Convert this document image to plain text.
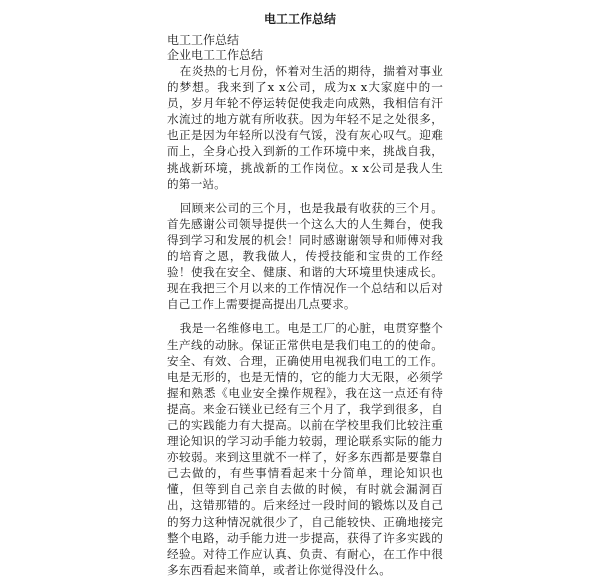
电工工作总结
电工工作总结
企业电工工作总结

在炎热的七月份，怀着对生活的期待，揣着对事业的梦想。我来到了x x公司，成为x x大家庭中的一员，岁月年轮不停运转促使我走向成熟，我相信有汗水流过的地方就有所收获。因为年轻不足之处很多，也正是因为年轻所以没有气馁，没有灰心叹气。迎难而上，全身心投入到新的工作环境中来，挑战自我，挑战新环境，挑战新的工作岗位。x x公司是我人生的第一站。

回顾来公司的三个月，也是我最有收获的三个月。首先感谢公司领导提供一个这么大的人生舞台，使我得到学习和发展的机会！同时感谢谢领导和师傅对我的培育之恩，教我做人，传授技能和宝贵的工作经验！使我在安全、健康、和谐的大环境里快速成长。现在我把三个月以来的工作情况作一个总结和以后对自己工作上需要提高提出几点要求。

我是一名维修电工。电是工厂的心脏，电贯穿整个生产线的动脉。保证正常供电是我们电工的的使命。安全、有效、合理，正确使用电视我们电工的工作。电是无形的，也是无情的，它的能力大无限，必须学握和熟悉《电业安全操作规程》，我在这一点还有待提高。来金石镁业已经有三个月了，我学到很多，自己的实践能力有大提高。以前在学校里我们比较注重理论知识的学习动手能力较弱，理论联系实际的能力亦较弱。来到这里就不一样了，好多东西都是要靠自己去做的，有些事情看起来十分简单，理论知识也懂，但等到自己亲自去做的时候，有时就会漏洞百出，这错那错的。后来经过一段时间的锻炼以及自己的努力这种情况就很少了，自己能较快、正确地接完整个电路，动手能力进一步提高，获得了许多实践的经验。对待工作应认真、负责、有耐心，在工作中很多东西看起来简单，或者让你觉得没什么。
